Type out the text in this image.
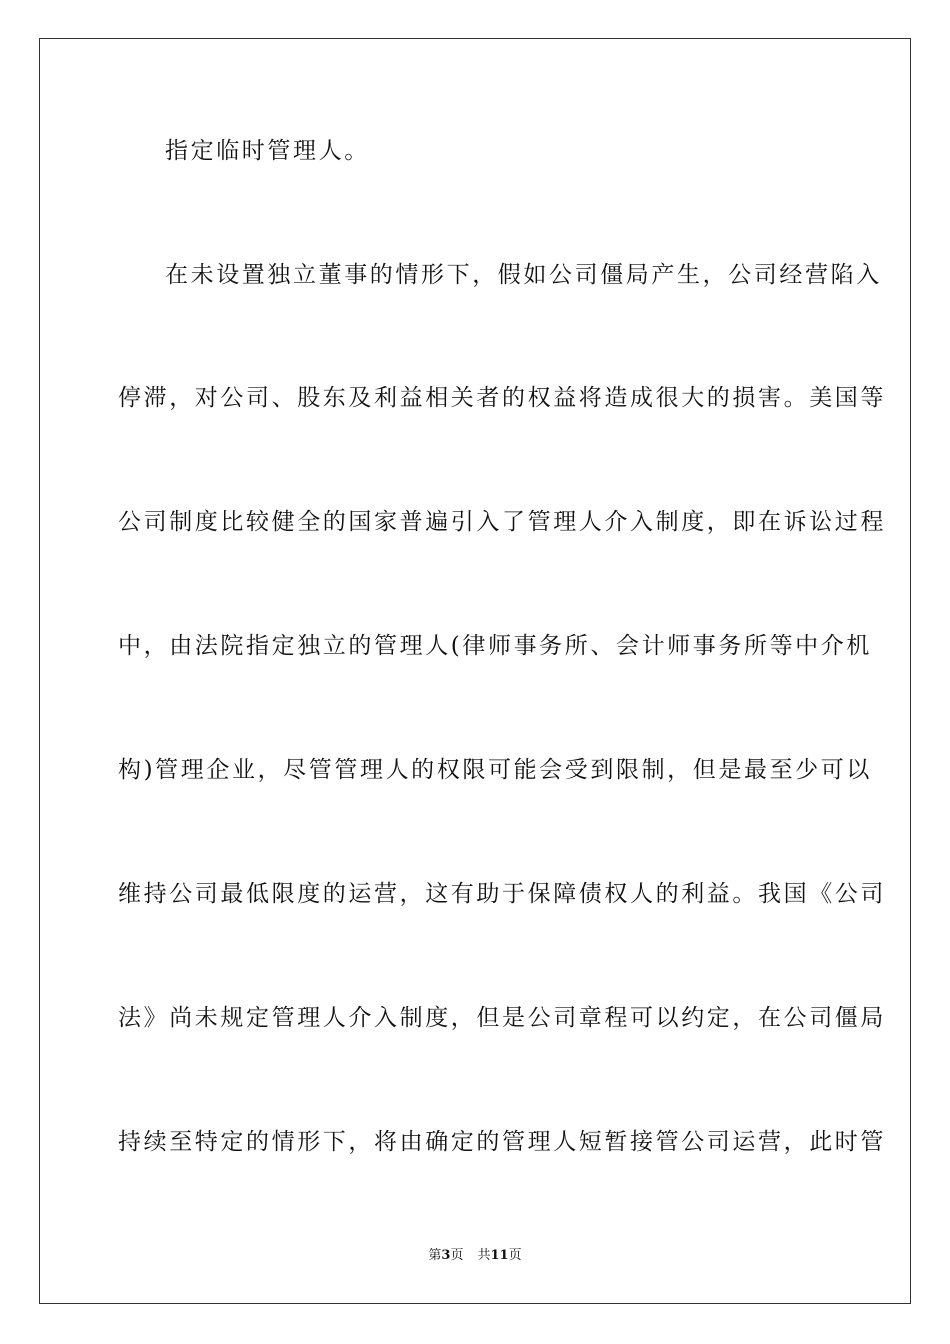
指定临时管理人。
在未设置独立董事的情形下，假如公司僵局产生，公司经营陷入
停滞，对公司、股东及利益相关者的权益将造成很大的损害。美国等
公司制度比较健全的国家普遍引入了管理人介入制度，即在诉讼过程
中，由法院指定独立的管理人(律师事务所、会计师事务所等中介机
构)管理企业，尽管管理人的权限可能会受到限制，但是最至少可以
维持公司最低限度的运营，这有助于保障债权人的利益。我国《公司
法》尚未规定管理人介入制度，但是公司章程可以约定，在公司僵局
持续至特定的情形下，将由确定的管理人短暂接管公司运营，此时管
第3页 共11页
